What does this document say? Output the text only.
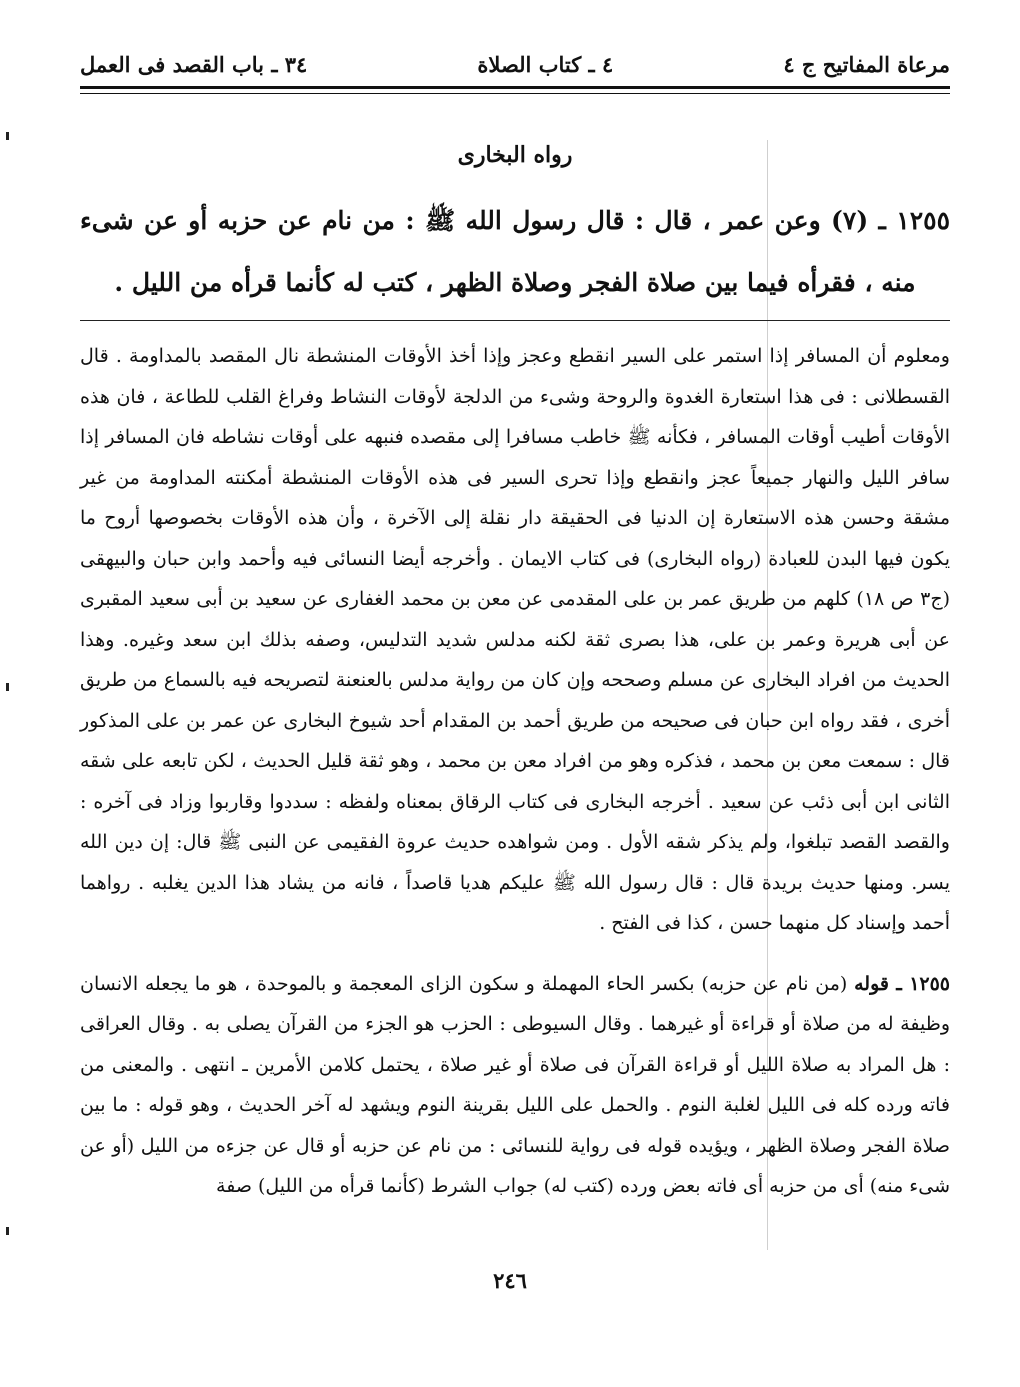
مرعاة المفاتيح ج ٤
٤ ـ كتاب الصلاة
٣٤ ـ باب القصد فى العمل
رواه البخارى
١٢٥٥ ـ (٧) وعن عمر ، قال : قال رسول الله ﷺ : من نام عن حزبه أو عن شىء منه ، فقرأه فيما بين صلاة الفجر وصلاة الظهر ، كتب له كأنما قرأه من الليل .
ومعلوم أن المسافر إذا استمر على السير انقطع وعجز وإذا أخذ الأوقات المنشطة نال المقصد بالمداومة . قال القسطلانى : فى هذا استعارة الغدوة والروحة وشىء من الدلجة لأوقات النشاط وفراغ القلب للطاعة ، فان هذه الأوقات أطيب أوقات المسافر ، فكأنه ﷺ خاطب مسافرا إلى مقصده فنبهه على أوقات نشاطه فان المسافر إذا سافر الليل والنهار جميعاً عجز وانقطع وإذا تحرى السير فى هذه الأوقات المنشطة أمكنته المداومة من غير مشقة وحسن هذه الاستعارة إن الدنيا فى الحقيقة دار نقلة إلى الآخرة ، وأن هذه الأوقات بخصوصها أروح ما يكون فيها البدن للعبادة (رواه البخارى) فى كتاب الايمان . وأخرجه أيضا النسائى فيه وأحمد وابن حبان والبيهقى (ج٣ ص ١٨) كلهم من طريق عمر بن على المقدمى عن معن بن محمد الغفارى عن سعيد بن أبى سعيد المقبرى عن أبى هريرة وعمر بن على، هذا بصرى ثقة لكنه مدلس شديد التدليس، وصفه بذلك ابن سعد وغيره. وهذا الحديث من افراد البخارى عن مسلم وصححه وإن كان من رواية مدلس بالعنعنة لتصريحه فيه بالسماع من طريق أخرى ، فقد رواه ابن حبان فى صحيحه من طريق أحمد بن المقدام أحد شيوخ البخارى عن عمر بن على المذكور قال : سمعت معن بن محمد ، فذكره وهو من افراد معن بن محمد ، وهو ثقة قليل الحديث ، لكن تابعه على شقه الثانى ابن أبى ذئب عن سعيد . أخرجه البخارى فى كتاب الرقاق بمعناه ولفظه : سددوا وقاربوا وزاد فى آخره : والقصد القصد تبلغوا، ولم يذكر شقه الأول . ومن شواهده حديث عروة الفقيمى عن النبى ﷺ قال: إن دين الله يسر. ومنها حديث بريدة قال : قال رسول الله ﷺ عليكم هديا قاصداً ، فانه من يشاد هذا الدين يغلبه . رواهما أحمد وإسناد كل منهما حسن ، كذا فى الفتح .
١٢٥٥ ـ قوله (من نام عن حزبه) بكسر الحاء المهملة و سكون الزاى المعجمة و بالموحدة ، هو ما يجعله الانسان وظيفة له من صلاة أو قراءة أو غيرهما . وقال السيوطى : الحزب هو الجزء من القرآن يصلى به . وقال العراقى : هل المراد به صلاة الليل أو قراءة القرآن فى صلاة أو غير صلاة ، يحتمل كلامن الأمرين ـ انتهى . والمعنى من فاته ورده كله فى الليل لغلبة النوم . والحمل على الليل بقرينة النوم ويشهد له آخر الحديث ، وهو قوله : ما بين صلاة الفجر وصلاة الظهر ، ويؤيده قوله فى رواية للنسائى : من نام عن حزبه أو قال عن جزءه من الليل (أو عن شىء منه) أى من حزبه أى فاته بعض ورده (كتب له) جواب الشرط (كأنما قرأه من الليل) صفة
٢٤٦
